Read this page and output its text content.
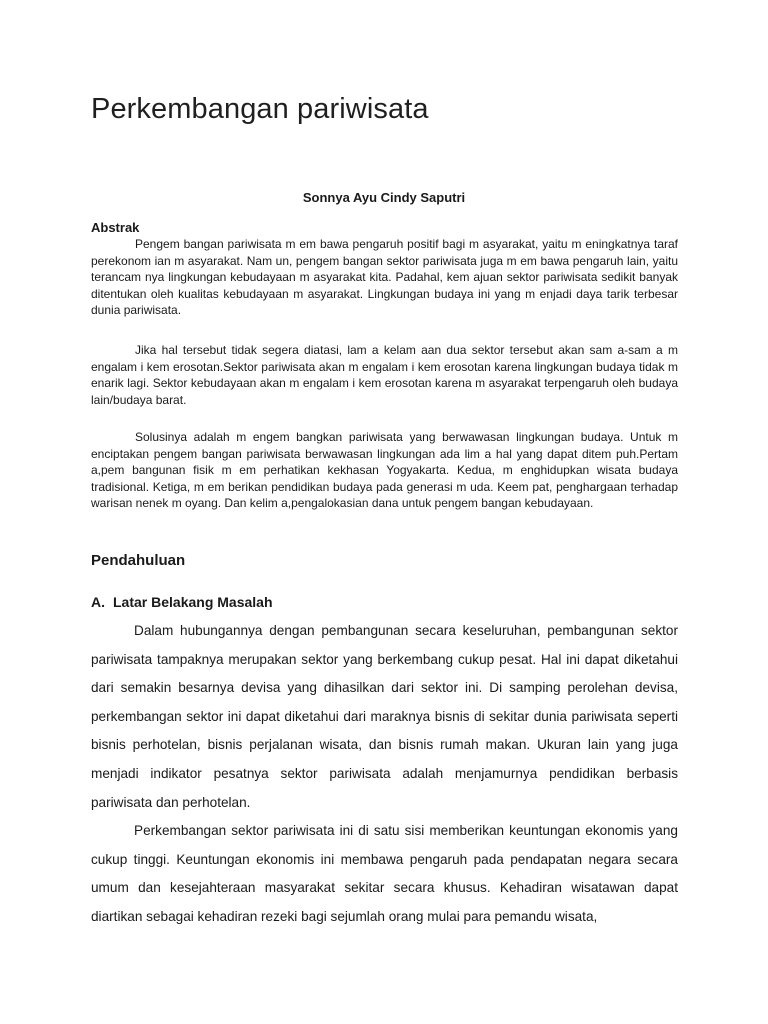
Perkembangan pariwisata

Sonnya Ayu Cindy Saputri

Abstrak

Pengem bangan pariwisata m em bawa pengaruh positif bagi m asyarakat, yaitu m eningkatnya taraf perekonom ian m asyarakat. Nam un, pengem bangan sektor pariwisata juga m em bawa pengaruh lain, yaitu terancam nya lingkungan kebudayaan m asyarakat kita. Padahal, kem ajuan sektor pariwisata sedikit banyak ditentukan oleh kualitas kebudayaan m asyarakat. Lingkungan budaya ini yang m enjadi daya tarik terbesar dunia pariwisata.

Jika hal tersebut tidak segera diatasi, lam a kelam aan dua sektor tersebut akan sam a-sam a m engalam i kem erosotan.Sektor pariwisata akan m engalam i kem erosotan karena lingkungan budaya tidak m enarik lagi. Sektor kebudayaan akan m engalam i kem erosotan karena m asyarakat terpengaruh oleh budaya lain/budaya barat.

Solusinya adalah m engem bangkan pariwisata yang berwawasan lingkungan budaya. Untuk m enciptakan pengem bangan pariwisata berwawasan lingkungan ada lim a hal yang dapat ditem puh.Pertam a,pem bangunan fisik m em perhatikan kekhasan Yogyakarta. Kedua, m enghidupkan wisata budaya tradisional. Ketiga, m em berikan pendidikan budaya pada generasi m uda. Keem pat, penghargaan terhadap warisan nenek m oyang. Dan kelim a,pengalokasian dana untuk pengem bangan kebudayaan.

Pendahuluan
A. Latar Belakang Masalah

Dalam hubungannya dengan pembangunan secara keseluruhan, pembangunan sektor pariwisata tampaknya merupakan sektor yang berkembang cukup pesat. Hal ini dapat diketahui dari semakin besarnya devisa yang dihasilkan dari sektor ini. Di samping perolehan devisa, perkembangan sektor ini dapat diketahui dari maraknya bisnis di sekitar dunia pariwisata seperti bisnis perhotelan, bisnis perjalanan wisata, dan bisnis rumah makan. Ukuran lain yang juga menjadi indikator pesatnya sektor pariwisata adalah menjamurnya pendidikan berbasis pariwisata dan perhotelan.

Perkembangan sektor pariwisata ini di satu sisi memberikan keuntungan ekonomis yang cukup tinggi. Keuntungan ekonomis ini membawa pengaruh pada pendapatan negara secara umum dan kesejahteraan masyarakat sekitar secara khusus. Kehadiran wisatawan dapat diartikan sebagai kehadiran rezeki bagi sejumlah orang mulai para pemandu wisata,
